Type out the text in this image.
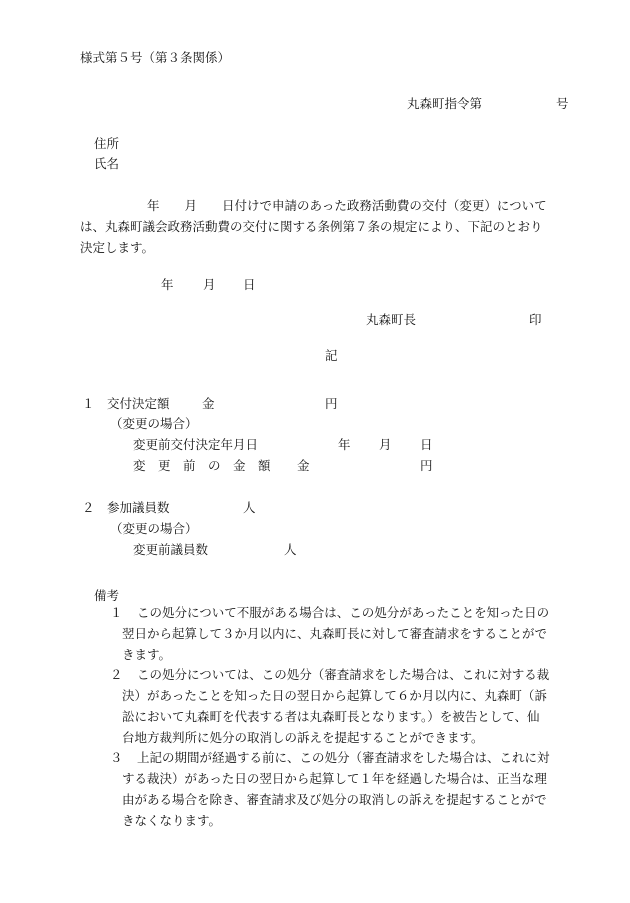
様式第５号（第３条関係）
丸森町指令第	号
住所
氏名
年　　月　　日付けで申請のあった政務活動費の交付（変更）について
は、丸森町議会政務活動費の交付に関する条例第７条の規定により、下記のとおり
決定します。
年 月 日
丸森町長	印
記
１ 交付決定額	金	円
（変更の場合）
変更前交付決定年月日	年 月 日
変　更　前　の　金　額 金	円
２ 参加議員数	人
（変更の場合）
変更前議員数	人
備考
１	この処分について不服がある場合は、この処分があったことを知った日の
翌日から起算して３か月以内に、丸森町長に対して審査請求をすることがで
きます。
２	この処分については、この処分（審査請求をした場合は、これに対する裁
決）があったことを知った日の翌日から起算して６か月以内に、丸森町（訴
訟において丸森町を代表する者は丸森町長となります。）を被告として、仙
台地方裁判所に処分の取消しの訴えを提起することができます。
３	上記の期間が経過する前に、この処分（審査請求をした場合は、これに対
する裁決）があった日の翌日から起算して１年を経過した場合は、正当な理
由がある場合を除き、審査請求及び処分の取消しの訴えを提起することがで
きなくなります。
